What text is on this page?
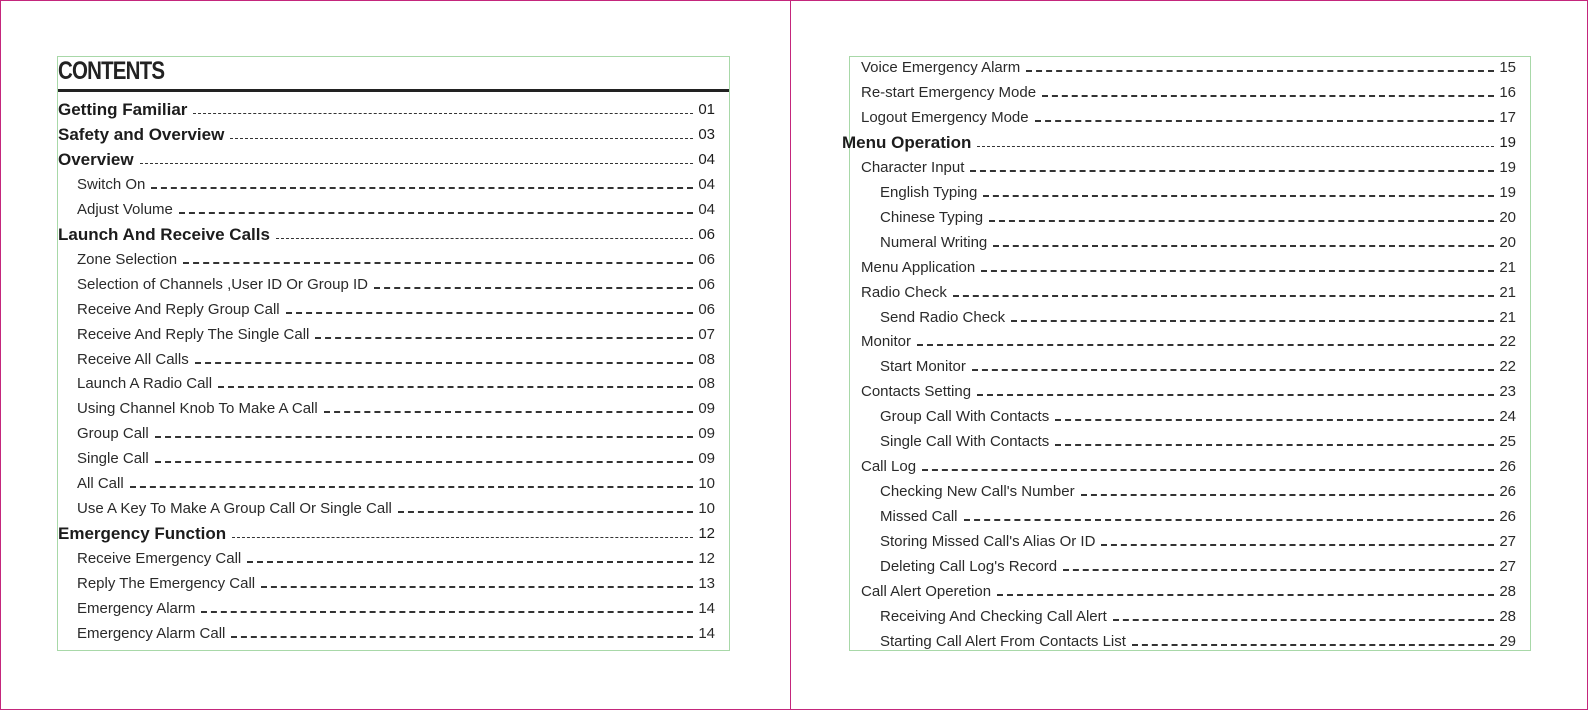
CONTENTS
Getting Familiar	01
Safety and Overview	03
Overview	04
Switch On	04
Adjust Volume	04
Launch And Receive Calls	06
Zone Selection	06
Selection of Channels ,User ID Or Group ID	06
Receive And Reply Group Call	06
Receive And Reply The Single Call	07
Receive All Calls	08
Launch A Radio Call	08
Using Channel Knob To Make A Call	09
Group Call	09
Single Call	09
All Call	10
Use A Key To Make A Group Call Or Single Call	10
Emergency Function	12
Receive Emergency Call	12
Reply The Emergency Call	13
Emergency Alarm	14
Emergency Alarm Call	14
Voice Emergency Alarm	15
Re-start Emergency Mode	16
Logout Emergency Mode	17
Menu Operation	19
Character Input	19
English Typing	19
Chinese Typing	20
Numeral Writing	20
Menu Application	21
Radio Check	21
Send Radio Check	21
Monitor	22
Start Monitor	22
Contacts Setting	23
Group Call With Contacts	24
Single Call With Contacts	25
Call Log	26
Checking New Call's Number	26
Missed Call	26
Storing Missed Call's Alias Or ID	27
Deleting Call Log's Record	27
Call Alert Operetion	28
Receiving And Checking Call Alert	28
Starting Call Alert From Contacts List	29
